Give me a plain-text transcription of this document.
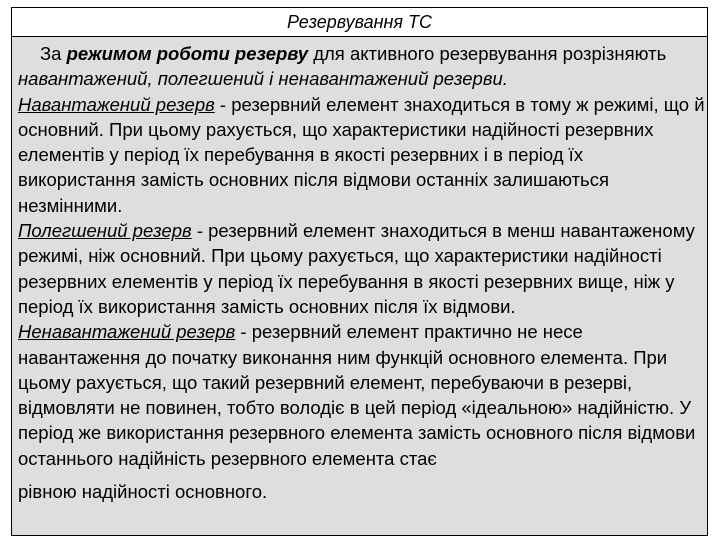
Резервування ТС

За режимом роботи резерву для активного резервування розрізняють навантажений, полегшений і ненавантажений резерви.

Навантажений резерв - резервний елемент знаходиться в тому ж режимі, що й основний. При цьому рахується, що характеристики надійності резервних елементів у період їх перебування в якості резервних і в період їх використання замість основних після відмови останніх залишаються незмінними.

Полегшений резерв - резервний елемент знаходиться в менш навантаженому режимі, ніж основний. При цьому рахується, що характеристики надійності резервних елементів у період їх перебування в якості резервних вище, ніж у період їх використання замість основних після їх відмови.

Ненавантажений резерв - резервний елемент практично не несе навантаження до початку виконання ним функцій основного елемента. При цьому рахується, що такий резервний елемент, перебуваючи в резерві, відмовляти не повинен, тобто володіє в цей період «ідеальною» надійністю. У період же використання резервного елемента замість основного після відмови останнього надійність резервного елемента стає
рівною надійності основного.
